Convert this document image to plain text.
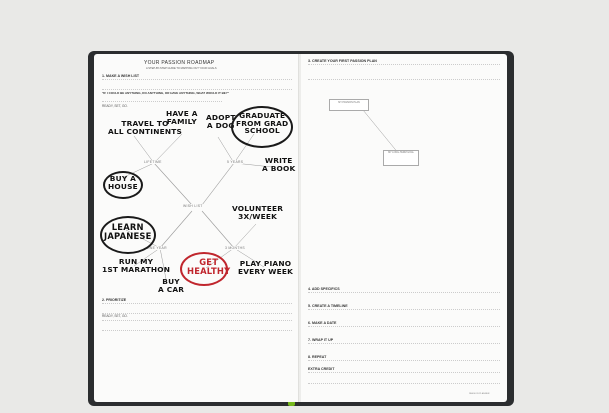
YOUR PASSION ROADMAP
A STEP-BY-STEP GUIDE TO MAPPING OUT YOUR GOALS
1. MAKE A WISH LIST
"IF I COULD BE ANYTHING, DO ANYTHING, OR HAVE ANYTHING, WHAT WOULD IT BE?"
READY, SET, GO.
WISH LIST
LIFETIME	5 YEARS
ONE YEAR	3 MONTHS
TRAVEL TO
ALL CONTINENTS
HAVE A
FAMILY ADOPT
A DOG
GRADUATE
FROM GRAD
SCHOOL
BUY A
HOUSE
WRITE
A BOOK
VOLUNTEER
3X/WEEK
LEARN
JAPANESE
RUN MY
1ST MARATHON
BUY
A CAR
GET
HEALTHY
PLAY PIANO
EVERY WEEK
2. PRIORITIZE
READY, SET, GO.
3. CREATE YOUR FIRST PASSION PLAN
MY PASSION PLAN
MY LONG-TERM GOAL
4. ADD SPECIFICS
5. CREATE A TIMELINE
6. MAKE A DATE
7. WRAP IT UP
8. REPEAT
EXTRA CREDIT
PASSION PLANNER
